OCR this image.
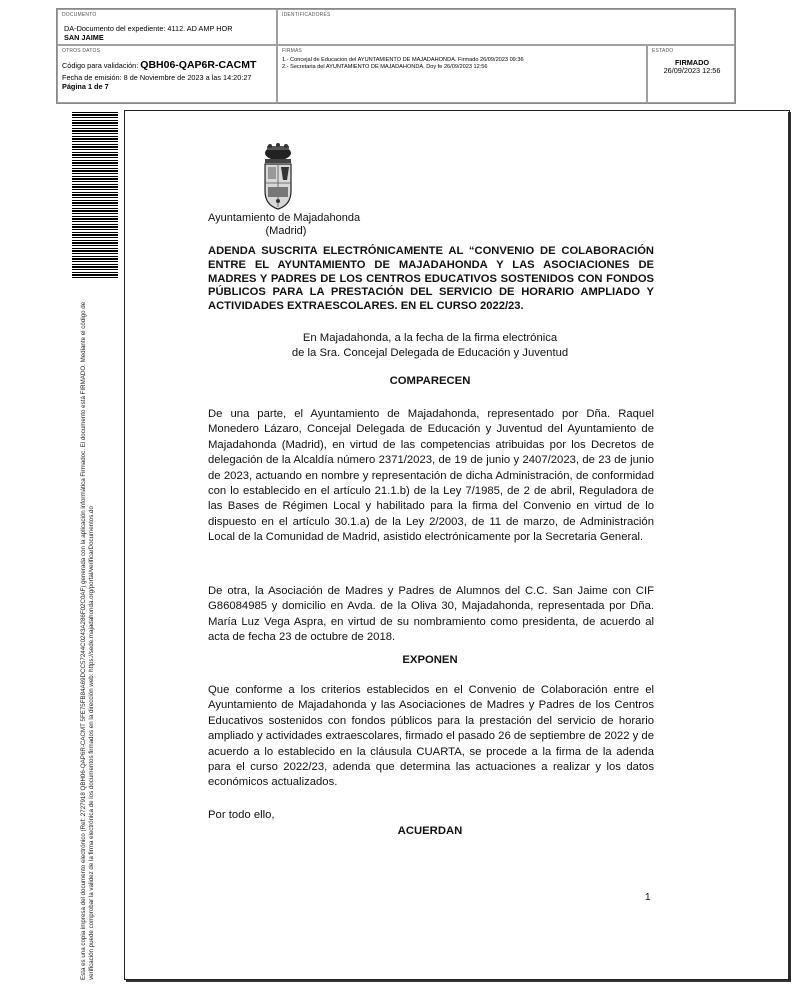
DOCUMENTO
DA-Documento del expediente: 4112. AD AMP HOR
SAN JAIME
IDENTIFICADORES
OTROS DATOS
Código para validación: QBH06-QAP6R-CACMT
Fecha de emisión: 8 de Noviembre de 2023 a las 14:20:27
Página 1 de 7
FIRMAS
1.- Concejal de Educacion del AYUNTAMIENTO DE MAJADAHONDA. Firmado 26/09/2023 09:36
2.- Secretaria del AYUNTAMIENTO DE MAJADAHONDA. Doy fe 26/09/2023 12:56
ESTADO
FIRMADO
26/09/2023 12:56
Esta es una copia impresa del documento electrónico (Ref: 2727918 QBH06-QAP6R-CACMT 5FE75FB84A69DCC57244C0243A286F02C0AF) generada con la aplicación informática Firmadoc. El documento está FIRMADO. Mediante el código de verificación puede comprobar la validez de la firma electrónica de los documentos firmados en la dirección web: https://sede.majadahonda.org/portal/verificarDocumentos.do
Ayuntamiento de Majadahonda
(Madrid)
ADENDA SUSCRITA ELECTRÓNICAMENTE AL “CONVENIO DE COLABORACIÓN ENTRE EL AYUNTAMIENTO DE MAJADAHONDA Y LAS ASOCIACIONES DE MADRES Y PADRES DE LOS CENTROS EDUCATIVOS SOSTENIDOS CON FONDOS PÚBLICOS PARA LA PRESTACIÓN DEL SERVICIO DE HORARIO AMPLIADO Y ACTIVIDADES EXTRAESCOLARES. EN EL CURSO 2022/23.
En Majadahonda, a la fecha de la firma electrónica
de la Sra. Concejal Delegada de Educación y Juventud
COMPARECEN
De una parte, el Ayuntamiento de Majadahonda, representado por Dña. Raquel Monedero Lázaro, Concejal Delegada de Educación y Juventud del Ayuntamiento de Majadahonda (Madrid), en virtud de las competencias atribuidas por los Decretos de delegación de la Alcaldía número 2371/2023, de 19 de junio y 2407/2023, de 23 de junio de 2023, actuando en nombre y representación de dicha Administración, de conformidad con lo establecido en el artículo 21.1.b) de la Ley 7/1985, de 2 de abril, Reguladora de las Bases de Régimen Local y habilitado para la firma del Convenio en virtud de lo dispuesto en el artículo 30.1.a) de la Ley 2/2003, de 11 de marzo, de Administración Local de la Comunidad de Madrid, asistido electrónicamente por la Secretaria General.
De otra, la Asociación de Madres y Padres de Alumnos del C.C. San Jaime con CIF G86084985 y domicilio en Avda. de la Oliva 30, Majadahonda, representada por Dña. María Luz Vega Aspra, en virtud de su nombramiento como presidenta, de acuerdo al acta de fecha 23 de octubre de 2018.
EXPONEN
Que conforme a los criterios establecidos en el Convenio de Colaboración entre el Ayuntamiento de Majadahonda y las Asociaciones de Madres y Padres de los Centros Educativos sostenidos con fondos públicos para la prestación del servicio de horario ampliado y actividades extraescolares, firmado el pasado 26 de septiembre de 2022 y de acuerdo a lo establecido en la cláusula CUARTA, se procede a la firma de la adenda para el curso 2022/23, adenda que determina las actuaciones a realizar y los datos económicos actualizados.
Por todo ello,
ACUERDAN
1
